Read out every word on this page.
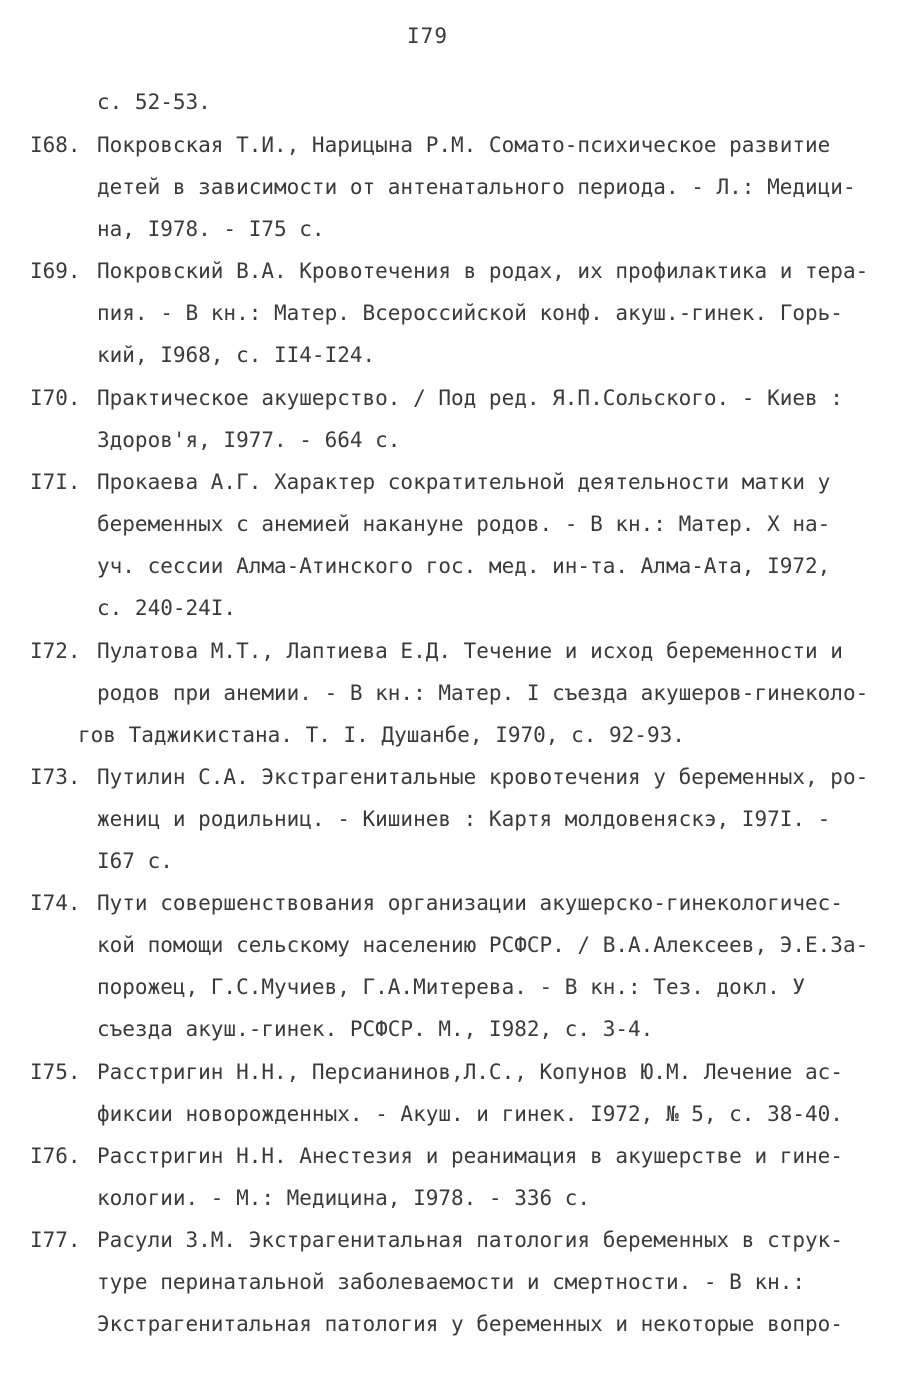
I79
с. 52-53.
I68. Покровская Т.И., Нарицына Р.М. Сомато-психическое развитие
детей в зависимости от антенатального периода. - Л.: Медици-
на, I978. - I75 с.
I69. Покровский В.А. Кровотечения в родах, их профилактика и тера-
пия. - В кн.: Матер. Всероссийской конф. акуш.-гинек. Горь-
кий, I968, с. II4-I24.
I70. Практическое акушерство. / Под ред. Я.П.Сольского. - Киев :
Здоров'я, I977. - 664 с.
I7I. Прокаева А.Г. Характер сократительной деятельности матки у
беременных с анемией накануне родов. - В кн.: Матер. X на-
уч. сессии Алма-Атинского гос. мед. ин-та. Алма-Ата, I972,
с. 240-24I.
I72. Пулатова М.Т., Лаптиева Е.Д. Течение и исход беременности и
родов при анемии. - В кн.: Матер. I съезда акушеров-гинеколо-
гов Таджикистана. Т. I. Душанбе, I970, с. 92-93.
I73. Путилин С.А. Экстрагенитальные кровотечения у беременных, ро-
жениц и родильниц. - Кишинев : Картя молдовеняскэ, I97I. -
I67 с.
I74. Пути совершенствования организации акушерско-гинекологичес-
кой помощи сельскому населению РСФСР. / В.А.Алексеев, Э.Е.За-
порожец, Г.С.Мучиев, Г.А.Митерева. - В кн.: Тез. докл. У
съезда акуш.-гинек. РСФСР. М., I982, с. 3-4.
I75. Расстригин Н.Н., Персианинов,Л.С., Копунов Ю.М. Лечение ас-
фиксии новорожденных. - Акуш. и гинек. I972, № 5, с. 38-40.
I76. Расстригин Н.Н. Анестезия и реанимация в акушерстве и гине-
кологии. - М.: Медицина, I978. - 336 с.
I77. Расули З.М. Экстрагенитальная патология беременных в струк-
туре перинатальной заболеваемости и смертности. - В кн.:
Экстрагенитальная патология у беременных и некоторые вопро-
